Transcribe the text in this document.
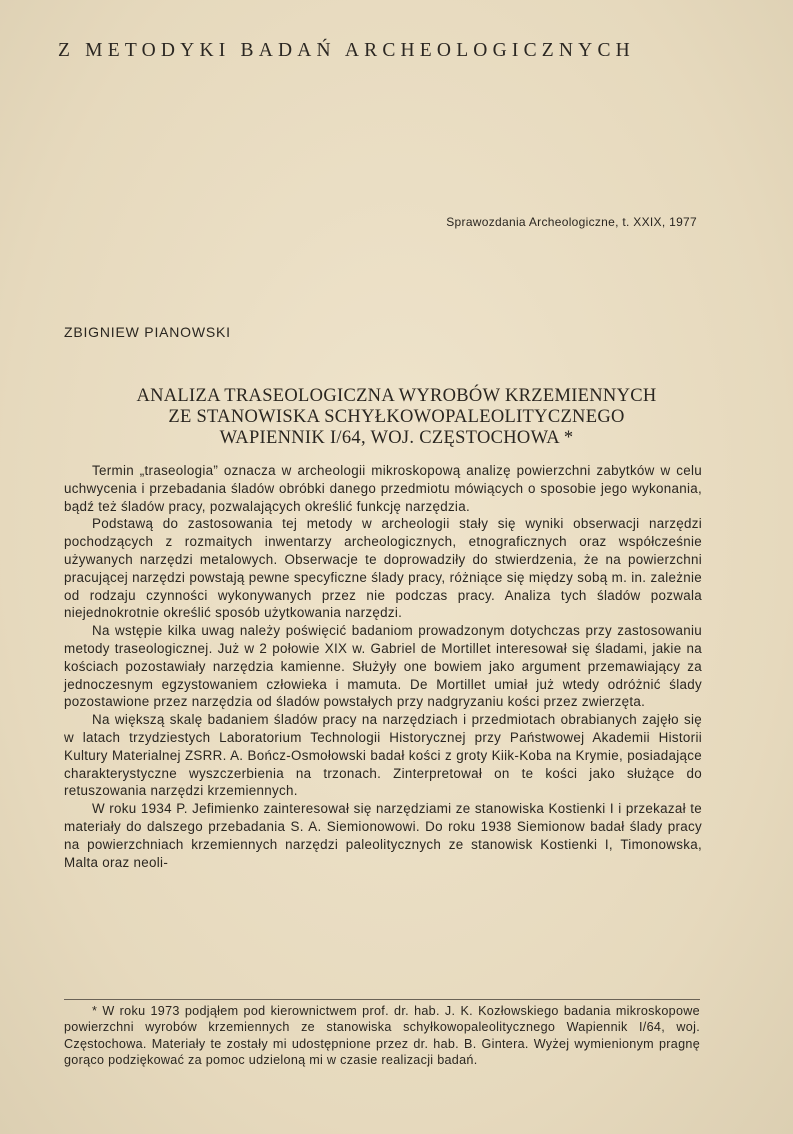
Z METODYKI BADAŃ ARCHEOLOGICZNYCH
Sprawozdania Archeologiczne, t. XXIX, 1977
ZBIGNIEW PIANOWSKI
ANALIZA TRASEOLOGICZNA WYROBÓW KRZEMIENNYCH
ZE STANOWISKA SCHYŁKOWOPALEOLITYCZNEGO
WAPIENNIK I/64, WOJ. CZĘSTOCHOWA *

Termin „traseologia” oznacza w archeologii mikroskopową analizę powierzchni zabytków w celu uchwycenia i przebadania śladów obróbki danego przedmiotu mówiących o sposobie jego wykonania, bądź też śladów pracy, pozwalających określić funkcję narzędzia.

Podstawą do zastosowania tej metody w archeologii stały się wyniki obserwacji narzędzi pochodzących z rozmaitych inwentarzy archeologicznych, etnograficznych oraz współcześnie używanych narzędzi metalowych. Obserwacje te doprowadziły do stwierdzenia, że na powierzchni pracującej narzędzi powstają pewne specyficzne ślady pracy, różniące się między sobą m. in. zależnie od rodzaju czynności wykonywanych przez nie podczas pracy. Analiza tych śladów pozwala niejednokrotnie określić sposób użytkowania narzędzi.

Na wstępie kilka uwag należy poświęcić badaniom prowadzonym dotychczas przy zastosowaniu metody traseologicznej. Już w 2 połowie XIX w. Gabriel de Mortillet interesował się śladami, jakie na kościach pozostawiały narzędzia kamienne. Służyły one bowiem jako argument przemawiający za jednoczesnym egzystowaniem człowieka i mamuta. De Mortillet umiał już wtedy odróżnić ślady pozostawione przez narzędzia od śladów powstałych przy nadgryzaniu kości przez zwierzęta.

Na większą skalę badaniem śladów pracy na narzędziach i przedmiotach obrabianych zajęło się w latach trzydziestych Laboratorium Technologii Historycznej przy Państwowej Akademii Historii Kultury Materialnej ZSRR. A. Bończ-Osmołowski badał kości z groty Kiik-Koba na Krymie, posiadające charakterystyczne wyszczerbienia na trzonach. Zinterpretował on te kości jako służące do retuszowania narzędzi krzemiennych.

W roku 1934 P. Jefimienko zainteresował się narzędziami ze stanowiska Kostienki I i przekazał te materiały do dalszego przebadania S. A. Siemionowowi. Do roku 1938 Siemionow badał ślady pracy na powierzchniach krzemiennych narzędzi paleolitycznych ze stanowisk Kostienki I, Timonowska, Malta oraz neoli-

* W roku 1973 podjąłem pod kierownictwem prof. dr. hab. J. K. Kozłowskiego badania mikroskopowe powierzchni wyrobów krzemiennych ze stanowiska schyłkowopaleolitycznego Wapiennik I/64, woj. Częstochowa. Materiały te zostały mi udostępnione przez dr. hab. B. Gintera. Wyżej wymienionym pragnę gorąco podziękować za pomoc udzieloną mi w czasie realizacji badań.
